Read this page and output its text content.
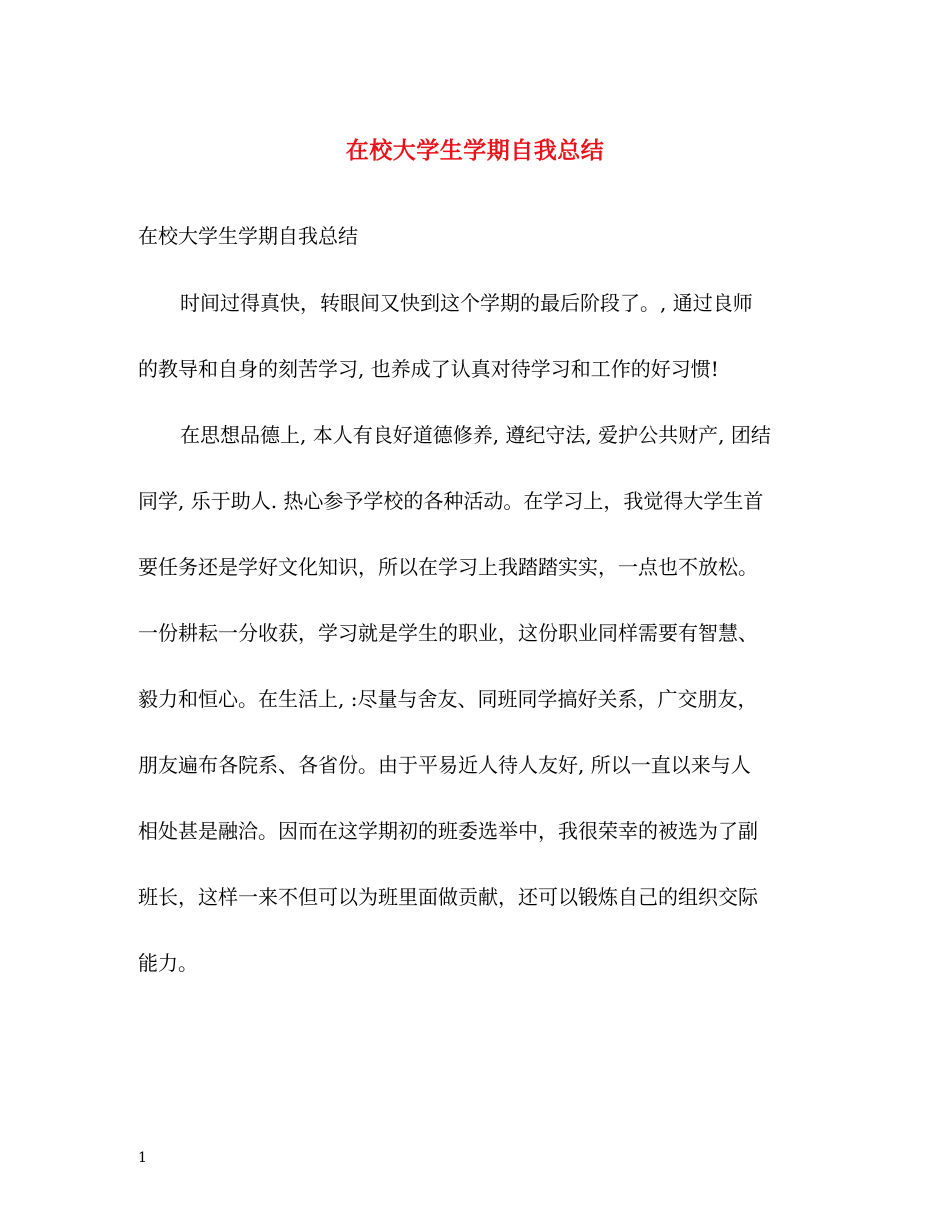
在校大学生学期自我总结
在校大学生学期自我总结
时间过得真快，转眼间又快到这个学期的最后阶段了。, 通过良师
的教导和自身的刻苦学习, 也养成了认真对待学习和工作的好习惯!
在思想品德上, 本人有良好道德修养, 遵纪守法, 爱护公共财产, 团结
同学, 乐于助人. 热心参予学校的各种活动。在学习上，我觉得大学生首
要任务还是学好文化知识，所以在学习上我踏踏实实，一点也不放松。
一份耕耘一分收获，学习就是学生的职业，这份职业同样需要有智慧、
毅力和恒心。在生活上, :尽量与舍友、同班同学搞好关系，广交朋友，
朋友遍布各院系、各省份。由于平易近人待人友好, 所以一直以来与人
相处甚是融洽。因而在这学期初的班委选举中，我很荣幸的被选为了副
班长，这样一来不但可以为班里面做贡献，还可以锻炼自己的组织交际
能力。
1
